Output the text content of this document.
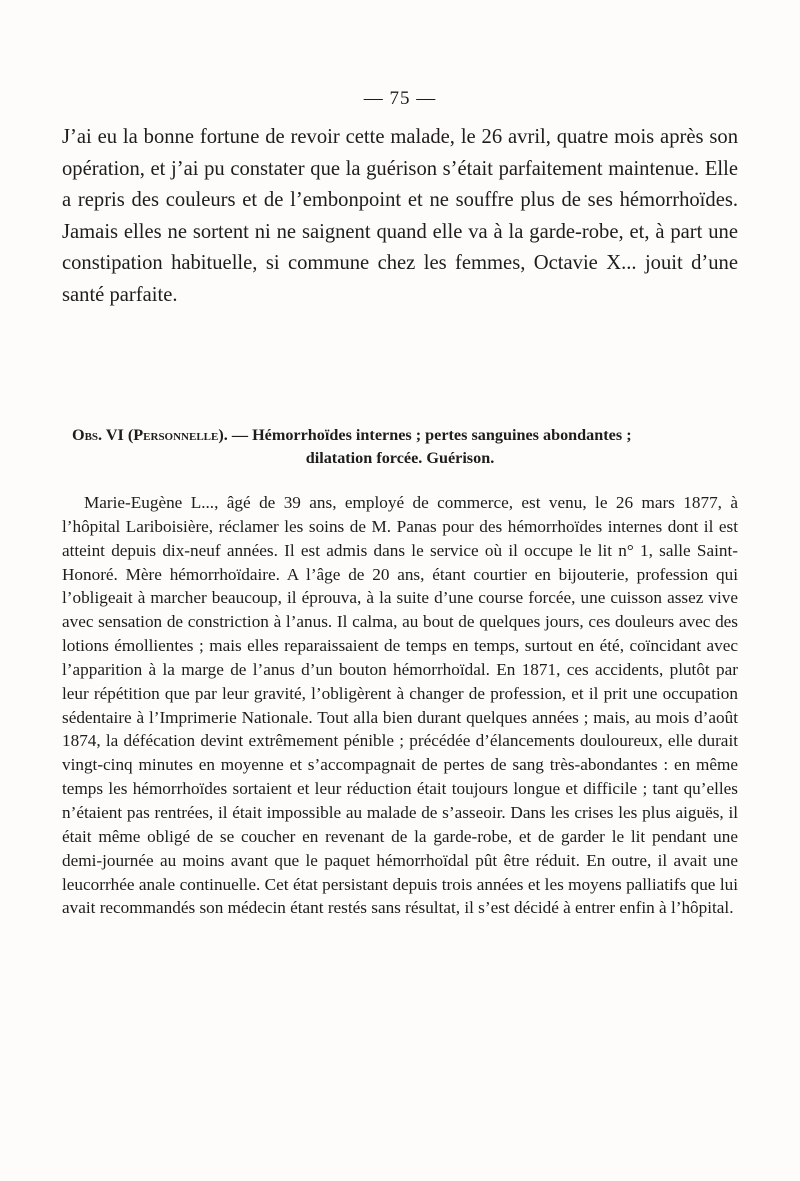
— 75 —

J’ai eu la bonne fortune de revoir cette malade, le 26 avril, quatre mois après son opération, et j’ai pu constater que la guérison s’était parfaitement maintenue. Elle a repris des couleurs et de l’embonpoint et ne souffre plus de ses hémorrhoïdes. Jamais elles ne sortent ni ne saignent quand elle va à la garde-robe, et, à part une constipation habituelle, si commune chez les femmes, Octavie X... jouit d’une santé parfaite.

Obs. VI (Personnelle). — Hémorrhoïdes internes ; pertes sanguines abondantes ;
dilatation forcée. Guérison.

Marie-Eugène L..., âgé de 39 ans, employé de commerce, est venu, le 26 mars 1877, à l’hôpital Lariboisière, réclamer les soins de M. Panas pour des hémorrhoïdes internes dont il est atteint depuis dix-neuf années. Il est admis dans le service où il occupe le lit n° 1, salle Saint-Honoré. Mère hémorrhoïdaire. A l’âge de 20 ans, étant courtier en bijouterie, profession qui l’obligeait à marcher beaucoup, il éprouva, à la suite d’une course forcée, une cuisson assez vive avec sensation de constriction à l’anus. Il calma, au bout de quelques jours, ces douleurs avec des lotions émollientes ; mais elles reparaissaient de temps en temps, surtout en été, coïncidant avec l’apparition à la marge de l’anus d’un bouton hémorrhoïdal. En 1871, ces accidents, plutôt par leur répétition que par leur gravité, l’obligèrent à changer de profession, et il prit une occupation sédentaire à l’Imprimerie Nationale. Tout alla bien durant quelques années ; mais, au mois d’août 1874, la défécation devint extrêmement pénible ; précédée d’élancements douloureux, elle durait vingt-cinq minutes en moyenne et s’accompagnait de pertes de sang très-abondantes : en même temps les hémorrhoïdes sortaient et leur réduction était toujours longue et difficile ; tant qu’elles n’étaient pas rentrées, il était impossible au malade de s’asseoir. Dans les crises les plus aiguës, il était même obligé de se coucher en revenant de la garde-robe, et de garder le lit pendant une demi-journée au moins avant que le paquet hémorrhoïdal pût être réduit. En outre, il avait une leucorrhée anale continuelle. Cet état persistant depuis trois années et les moyens palliatifs que lui avait recommandés son médecin étant restés sans résultat, il s’est décidé à entrer enfin à l’hôpital.
